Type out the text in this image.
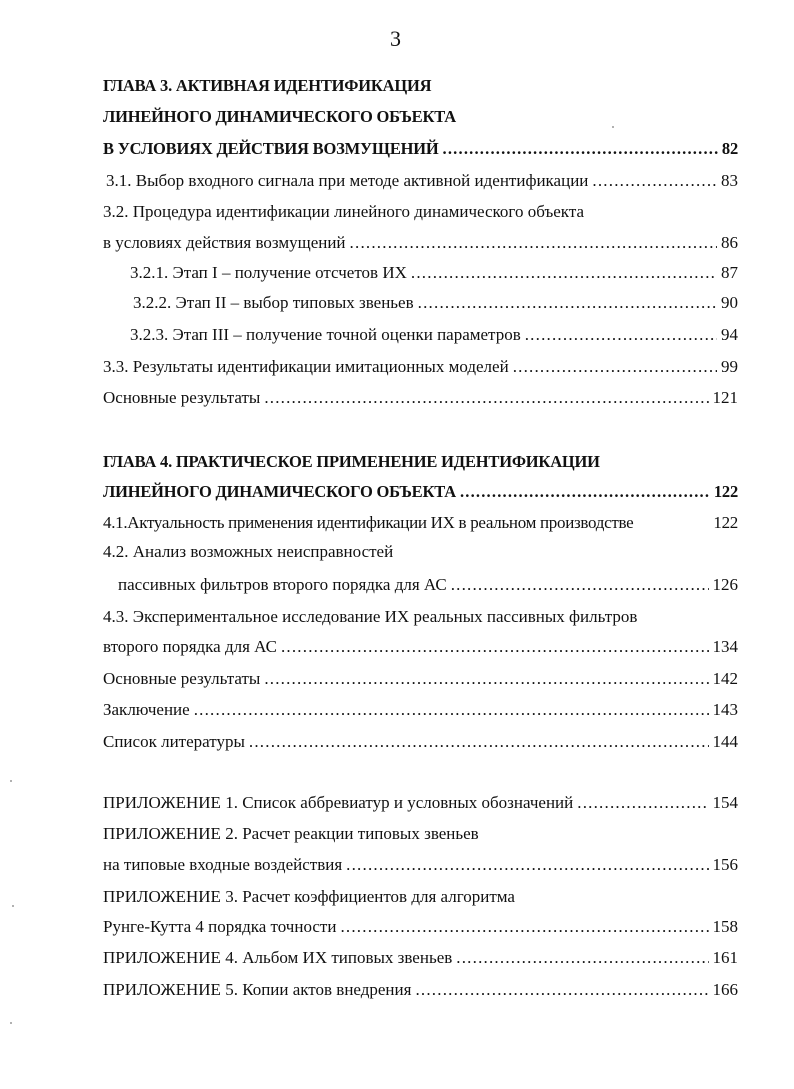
3
ГЛАВА 3. АКТИВНАЯ ИДЕНТИФИКАЦИЯ
ЛИНЕЙНОГО ДИНАМИЧЕСКОГО ОБЪЕКТА
В УСЛОВИЯХ ДЕЙСТВИЯ ВОЗМУЩЕНИЙ .....	82
3.1. Выбор входного сигнала при методе активной идентификации .....	83
3.2. Процедура идентификации линейного динамического объекта
в условиях действия возмущений .....	86
3.2.1. Этап I – получение отсчетов ИХ .....	87
3.2.2. Этап II – выбор типовых звеньев .....	90
3.2.3. Этап III – получение точной оценки параметров .....	94
3.3. Результаты идентификации имитационных моделей .....	99
Основные результаты .....	121
ГЛАВА 4. ПРАКТИЧЕСКОЕ ПРИМЕНЕНИЕ ИДЕНТИФИКАЦИИ
ЛИНЕЙНОГО ДИНАМИЧЕСКОГО ОБЪЕКТА .....	122
4.1.Актуальность применения идентификации ИХ в реальном производстве	122
4.2. Анализ возможных неисправностей
пассивных фильтров второго порядка для АС .....	126
4.3. Экспериментальное исследование ИХ реальных пассивных фильтров
второго порядка для АС .....	134
Основные результаты .....	142
Заключение .....	143
Список литературы .....	144
ПРИЛОЖЕНИЕ 1. Список аббревиатур и условных обозначений .....	154
ПРИЛОЖЕНИЕ 2. Расчет реакции типовых звеньев
на типовые входные воздействия .....	156
ПРИЛОЖЕНИЕ 3. Расчет коэффициентов для алгоритма
Рунге-Кутта 4 порядка точности .....	158
ПРИЛОЖЕНИЕ 4. Альбом ИХ типовых звеньев .....	161
ПРИЛОЖЕНИЕ 5. Копии актов внедрения .....	166
